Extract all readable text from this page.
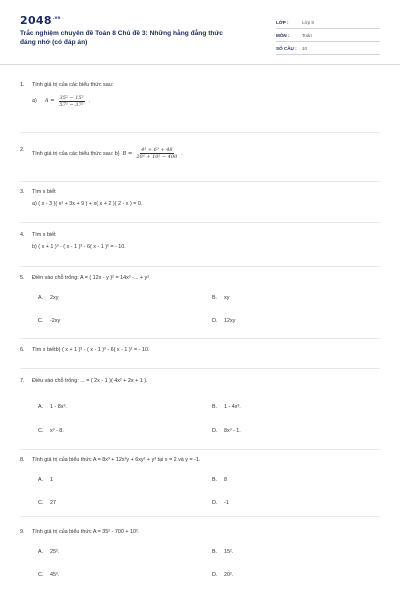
$2048^{.vn}$
Trắc nghiệm chuyên đề Toán 8 Chủ đề 3: Những hằng đẳng thức đáng nhớ (có đáp án)
LỚP :	Lớp 8
MÔN :	Toán
SỐ CÂU :	10
1. Tính giá trị của các biểu thức sau:
a) $A = \frac{\text{35² − 15²}}{\text{57² − 37²}}$ .
2.
Tính giá trị của các biểu thức sau: b) $B = \frac{\text{4³ + 6³ + 48}}{\text{20² + 10² − 400}}$ .
3. Tìm x biết
a) ( x - 3 )( x² + 3x + 9 ) + x( x + 2 )( 2 - x ) = 0.
4. Tìm x biết
b) ( x + 1 )³ - ( x - 1 )³ - 6( x - 1 )² = - 10.
5. Điền vào chỗ trống: A = ( 12x - y )² = 14x² -... + y²
A. 2xy	B. xy
C. -2xy	D. 12xy
6. Tìm x biếtb) ( x + 1 )³ - ( x - 1 )³ - 6( x - 1 )² = - 10.
7. Điều vào chỗ trống: ... = ( 2x - 1 )( 4x² + 2x + 1 ).
A. 1 - 8x³.	B. 1 - 4x³.
C. x³ - 8.	D. 8x³ - 1.
8. Tính giá trị của biểu thức A = 8x³ + 12x²y + 6xy² + y³ tại x = 2 và y = -1.
A. 1	B. 8
C. 27	D. -1
9. Tính giá trị của biểu thức A = 35² - 700 + 10².
A. 25².	B. 15².
C. 45².	D. 20².
